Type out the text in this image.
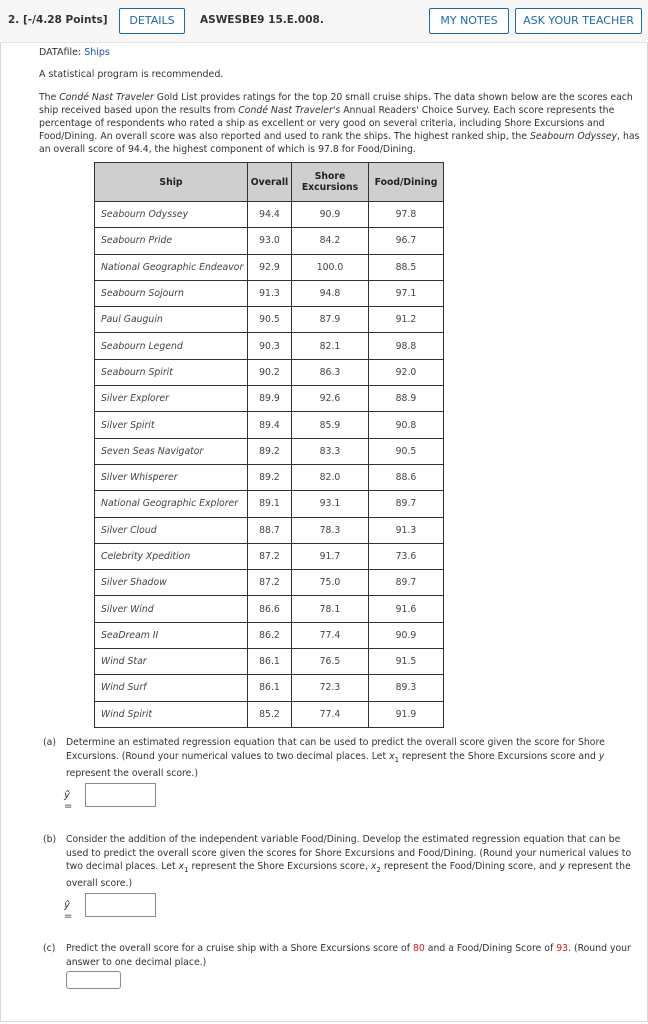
2. [-/4.28 Points]	DETAILS	ASWESBE9 15.E.008.	MY NOTES	ASK YOUR TEACHER
DATAfile: Ships
A statistical program is recommended.
The Condé Nast Traveler Gold List provides ratings for the top 20 small cruise ships. The data shown below are the scores each ship received based upon the results from Condé Nast Traveler's Annual Readers' Choice Survey. Each score represents the percentage of respondents who rated a ship as excellent or very good on several criteria, including Shore Excursions and Food/Dining. An overall score was also reported and used to rank the ships. The highest ranked ship, the Seabourn Odyssey, has an overall score of 94.4, the highest component of which is 97.8 for Food/Dining.
Ship	Overall	Shore Excursions	Food/Dining
Seabourn Odyssey	94.4	90.9	97.8
Seabourn Pride	93.0	84.2	96.7
National Geographic Endeavor	92.9	100.0	88.5
Seabourn Sojourn	91.3	94.8	97.1
Paul Gauguin	90.5	87.9	91.2
Seabourn Legend	90.3	82.1	98.8
Seabourn Spirit	90.2	86.3	92.0
Silver Explorer	89.9	92.6	88.9
Silver Spirit	89.4	85.9	90.8
Seven Seas Navigator	89.2	83.3	90.5
Silver Whisperer	89.2	82.0	88.6
National Geographic Explorer	89.1	93.1	89.7
Silver Cloud	88.7	78.3	91.3
Celebrity Xpedition	87.2	91.7	73.6
Silver Shadow	87.2	75.0	89.7
Silver Wind	86.6	78.1	91.6
SeaDream II	86.2	77.4	90.9
Wind Star	86.1	76.5	91.5
Wind Surf	86.1	72.3	89.3
Wind Spirit	85.2	77.4	91.9
(a) Determine an estimated regression equation that can be used to predict the overall score given the score for Shore Excursions. (Round your numerical values to two decimal places. Let $x_1$ represent the Shore Excursions score and y represent the overall score.)
ŷ =
(b) Consider the addition of the independent variable Food/Dining. Develop the estimated regression equation that can be used to predict the overall score given the scores for Shore Excursions and Food/Dining. (Round your numerical values to two decimal places. Let $x_1$ represent the Shore Excursions score, $x_2$ represent the Food/Dining score, and y represent the overall score.)
ŷ =
(c) Predict the overall score for a cruise ship with a Shore Excursions score of 80 and a Food/Dining Score of 93. (Round your answer to one decimal place.)
